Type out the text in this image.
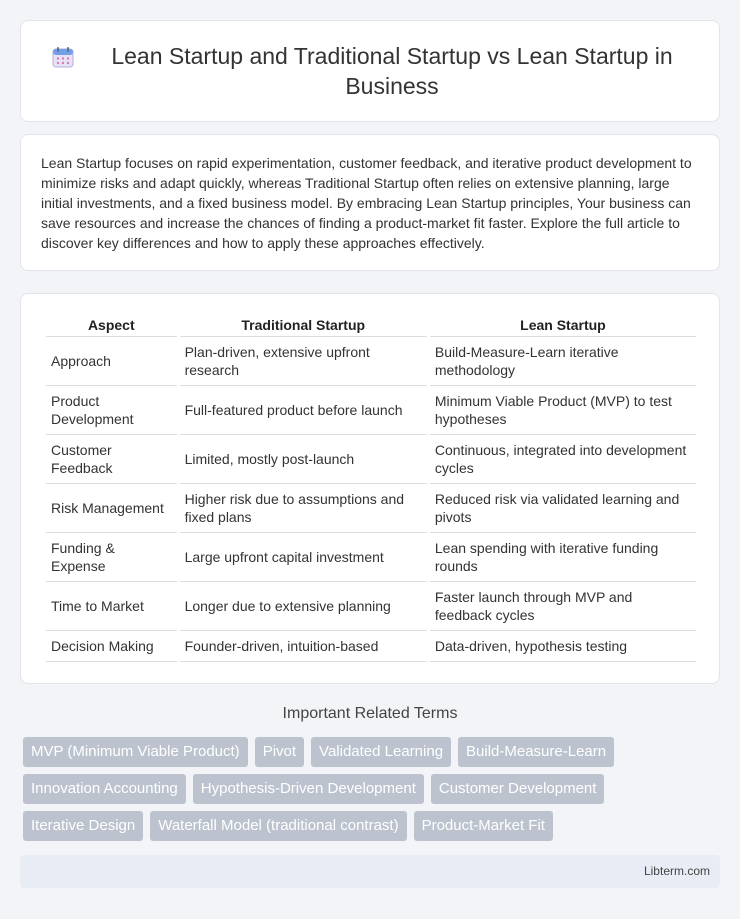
Lean Startup and Traditional Startup vs Lean Startup in Business

Lean Startup focuses on rapid experimentation, customer feedback, and iterative product development to minimize risks and adapt quickly, whereas Traditional Startup often relies on extensive planning, large initial investments, and a fixed business model. By embracing Lean Startup principles, Your business can save resources and increase the chances of finding a product-market fit faster. Explore the full article to discover key differences and how to apply these approaches effectively.

Aspect	Traditional Startup	Lean Startup
Approach	Plan-driven, extensive upfront research	Build-Measure-Learn iterative methodology
Product Development	Full-featured product before launch	Minimum Viable Product (MVP) to test hypotheses
Customer Feedback	Limited, mostly post-launch	Continuous, integrated into development cycles
Risk Management	Higher risk due to assumptions and fixed plans	Reduced risk via validated learning and pivots
Funding & Expense	Large upfront capital investment	Lean spending with iterative funding rounds
Time to Market	Longer due to extensive planning	Faster launch through MVP and feedback cycles
Decision Making	Founder-driven, intuition-based	Data-driven, hypothesis testing
Important Related Terms
MVP (Minimum Viable Product)	Pivot	Validated Learning	Build-Measure-Learn
Innovation Accounting	Hypothesis-Driven Development	Customer Development
Iterative Design	Waterfall Model (traditional contrast)	Product-Market Fit
Libterm.com
